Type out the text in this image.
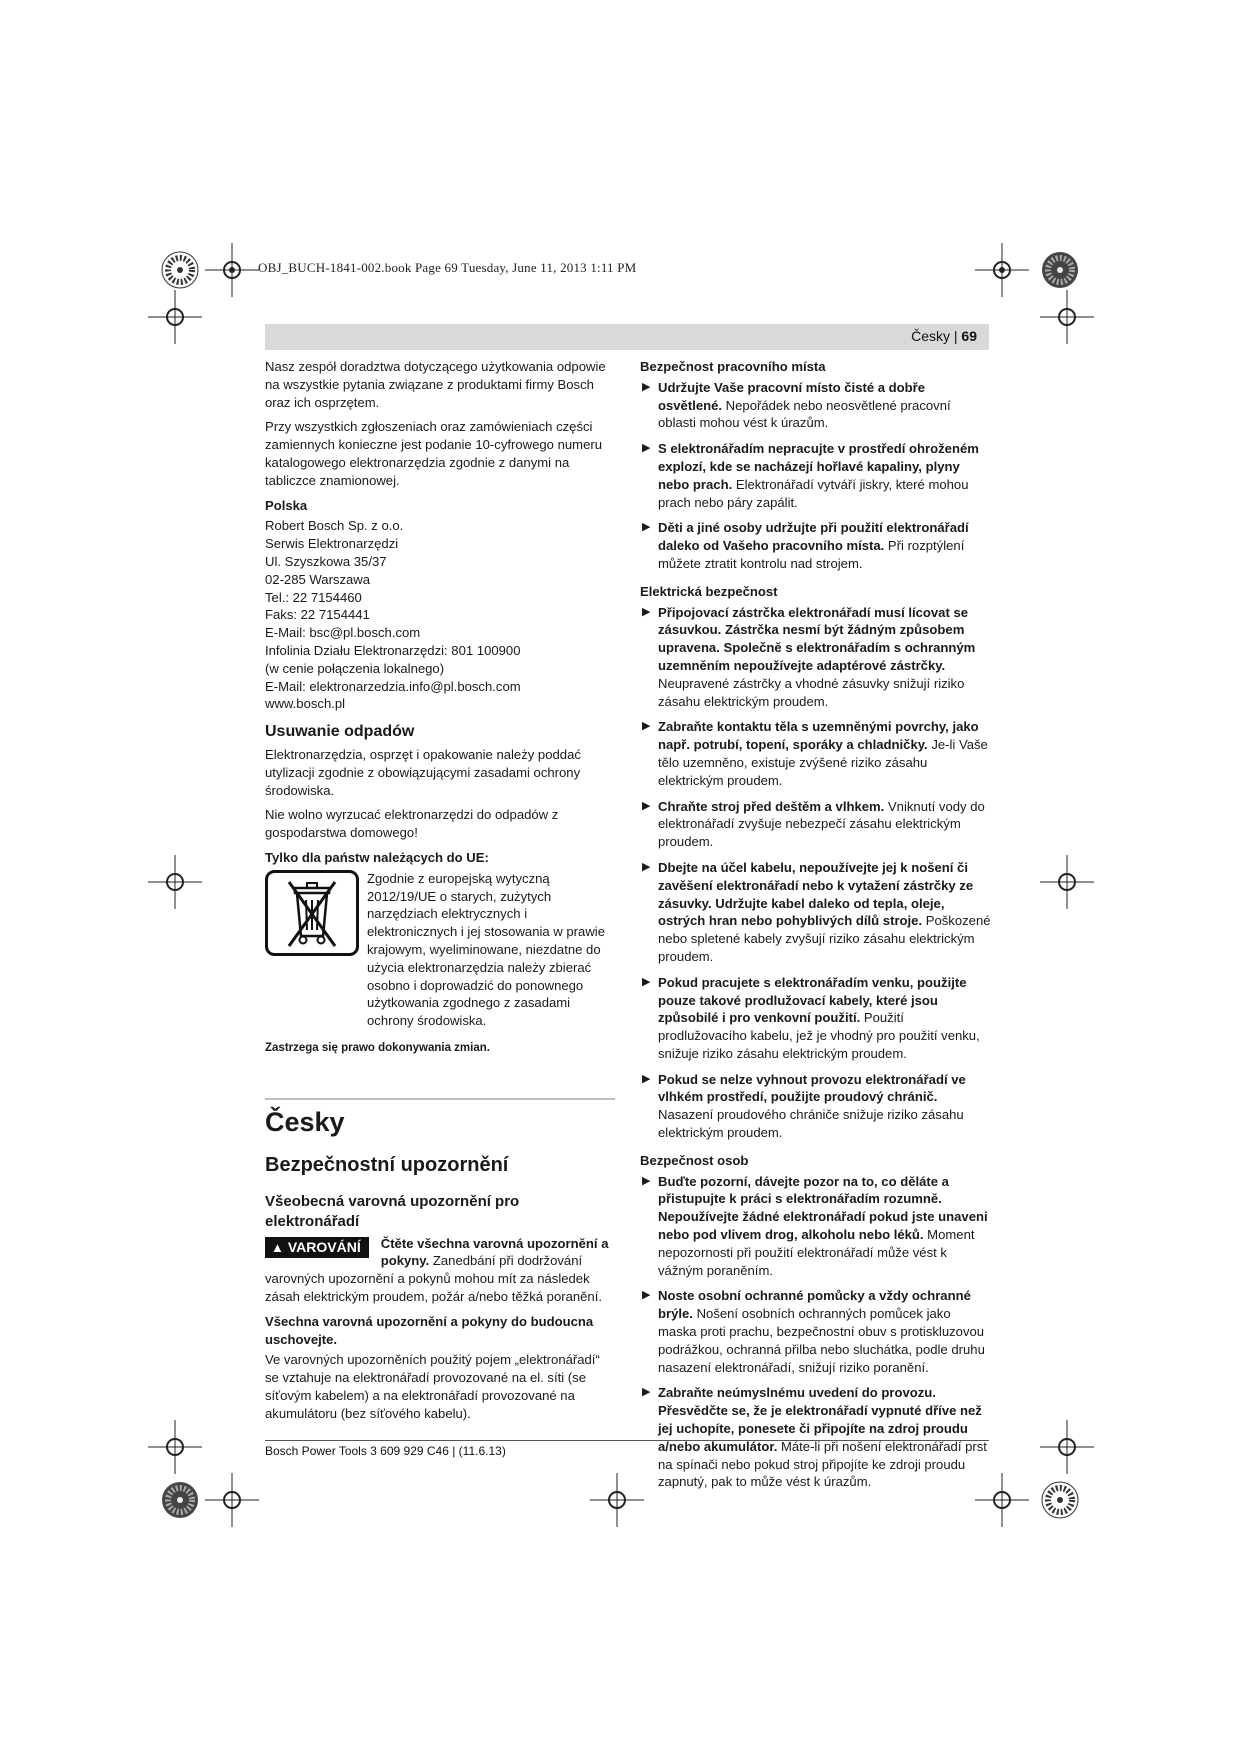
OBJ_BUCH-1841-002.book Page 69 Tuesday, June 11, 2013 1:11 PM
Česky | 69

Nasz zespół doradztwa dotyczącego użytkowania odpowie na wszystkie pytania związane z produktami firmy Bosch oraz ich osprzętem.

Przy wszystkich zgłoszeniach oraz zamówieniach części zamiennych konieczne jest podanie 10-cyfrowego numeru katalogowego elektronarzędzia zgodnie z danymi na tabliczce znamionowej.

Polska
Robert Bosch Sp. z o.o.
Serwis Elektronarzędzi
Ul. Szyszkowa 35/37
02-285 Warszawa
Tel.: 22 7154460
Faks: 22 7154441
E-Mail: bsc@pl.bosch.com
Infolinia Działu Elektronarzędzi: 801 100900
(w cenie połączenia lokalnego)
E-Mail: elektronarzedzia.info@pl.bosch.com
www.bosch.pl
Usuwanie odpadów

Elektronarzędzia, osprzęt i opakowanie należy poddać utylizacji zgodnie z obowiązującymi zasadami ochrony środowiska.

Nie wolno wyrzucać elektronarzędzi do odpadów z gospodarstwa domowego!

Tylko dla państw należących do UE:
Zgodnie z europejską wytyczną 2012/19/UE o starych, zużytych narzędziach elektrycznych i elektronicznych i jej stosowania w prawie krajowym, wyeliminowane, niezdatne do użycia elektronarzędzia należy zbierać osobno i doprowadzić do ponownego użytkowania zgodnego z zasadami ochrony środowiska.
Zastrzega się prawo dokonywania zmian.
Česky
Bezpečnostní upozornění
Všeobecná varovná upozornění pro elektronářadí

▲ VAROVÁNÍ Čtěte všechna varovná upozornění a pokyny. Zanedbání při dodržování varovných upozornění a pokynů mohou mít za následek zásah elektrickým proudem, požár a/nebo těžká poranění.

Všechna varovná upozornění a pokyny do budoucna uschovejte.

Ve varovných upozorněních použitý pojem „elektronářadí“ se vztahuje na elektronářadí provozované na el. síti (se síťovým kabelem) a na elektronářadí provozované na akumulátoru (bez síťového kabelu).

Bezpečnost pracovního místa
▶ Udržujte Vaše pracovní místo čisté a dobře osvětlené. Nepořádek nebo neosvětlené pracovní oblasti mohou vést k úrazům.
▶ S elektronářadím nepracujte v prostředí ohroženém explozí, kde se nacházejí hořlavé kapaliny, plyny nebo prach. Elektronářadí vytváří jiskry, které mohou prach nebo páry zapálit.
▶ Děti a jiné osoby udržujte při použití elektronářadí daleko od Vašeho pracovního místa. Při rozptýlení můžete ztratit kontrolu nad strojem.
Elektrická bezpečnost
▶ Připojovací zástrčka elektronářadí musí lícovat se zásuvkou. Zástrčka nesmí být žádným způsobem upravena. Společně s elektronářadím s ochranným uzemněním nepoužívejte adaptérové zástrčky. Neupravené zástrčky a vhodné zásuvky snižují riziko zásahu elektrickým proudem.
▶ Zabraňte kontaktu těla s uzemněnými povrchy, jako např. potrubí, topení, sporáky a chladničky. Je-li Vaše tělo uzemněno, existuje zvýšené riziko zásahu elektrickým proudem.
▶ Chraňte stroj před deštěm a vlhkem. Vniknutí vody do elektronářadí zvyšuje nebezpečí zásahu elektrickým proudem.
▶ Dbejte na účel kabelu, nepoužívejte jej k nošení či zavěšení elektronářadí nebo k vytažení zástrčky ze zásuvky. Udržujte kabel daleko od tepla, oleje, ostrých hran nebo pohyblivých dílů stroje. Poškozené nebo spletené kabely zvyšují riziko zásahu elektrickým proudem.
▶ Pokud pracujete s elektronářadím venku, použijte pouze takové prodlužovací kabely, které jsou způsobilé i pro venkovní použití. Použití prodlužovacího kabelu, jež je vhodný pro použití venku, snižuje riziko zásahu elektrickým proudem.
▶ Pokud se nelze vyhnout provozu elektronářadí ve vlhkém prostředí, použijte proudový chránič. Nasazení proudového chrániče snižuje riziko zásahu elektrickým proudem.
Bezpečnost osob
▶ Buďte pozorní, dávejte pozor na to, co děláte a přistupujte k práci s elektronářadím rozumně. Nepoužívejte žádné elektronářadí pokud jste unaveni nebo pod vlivem drog, alkoholu nebo léků. Moment nepozornosti při použití elektronářadí může vést k vážným poraněním.
▶ Noste osobní ochranné pomůcky a vždy ochranné brýle. Nošení osobních ochranných pomůcek jako maska proti prachu, bezpečnostní obuv s protiskluzovou podrážkou, ochranná přilba nebo sluchátka, podle druhu nasazení elektronářadí, snižují riziko poranění.
▶ Zabraňte neúmyslnému uvedení do provozu. Přesvědčte se, že je elektronářadí vypnuté dříve než jej uchopíte, ponesete či připojíte na zdroj proudu a/nebo akumulátor. Máte-li při nošení elektronářadí prst na spínači nebo pokud stroj připojíte ke zdroji proudu zapnutý, pak to může vést k úrazům.
Bosch Power Tools 3 609 929 C46 | (11.6.13)
